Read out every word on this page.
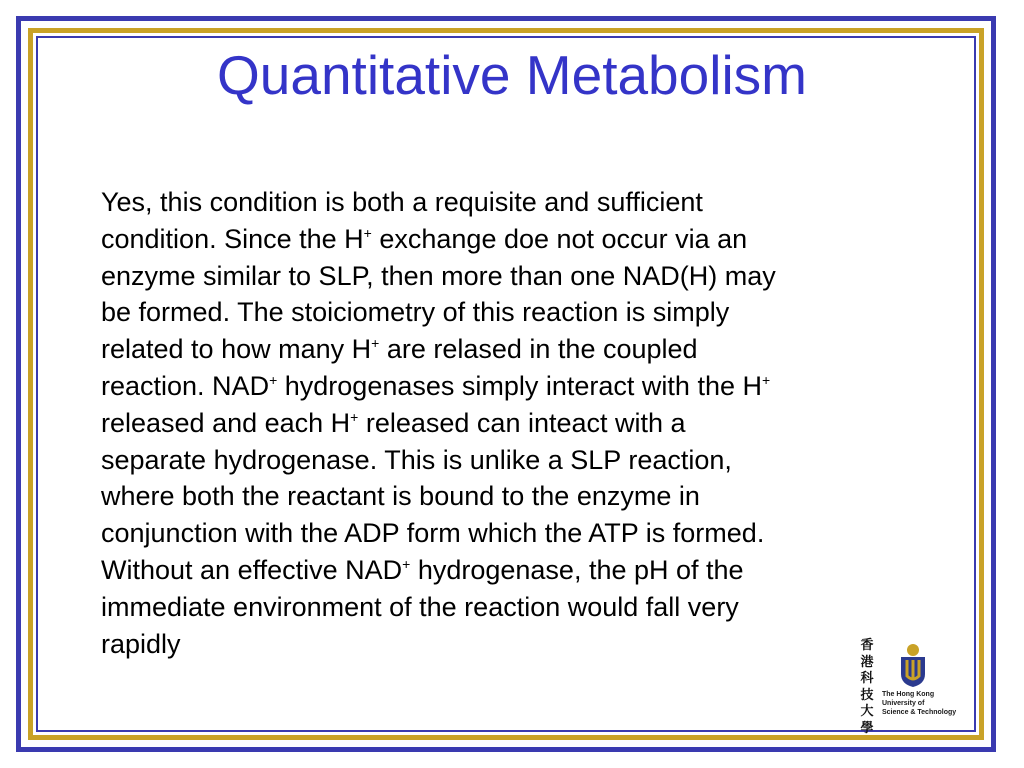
Quantitative Metabolism
Yes, this condition is both a requisite and sufficient
condition. Since the H+ exchange doe not occur via an
enzyme similar to SLP, then more than one NAD(H) may
be formed. The stoiciometry of this reaction is simply
related to how many H+ are relased in the coupled
reaction. NAD+ hydrogenases simply interact with the H+
released and each H+ released can inteact with a
separate hydrogenase. This is unlike a SLP reaction,
where both the reactant is bound to the enzyme in
conjunction with the ADP form which the ATP is formed.
Without an effective NAD+ hydrogenase, the pH of the
immediate environment of the reaction would fall very
rapidly	香
港
科
技
大
學
The Hong Kong
University of
Science & Technology
